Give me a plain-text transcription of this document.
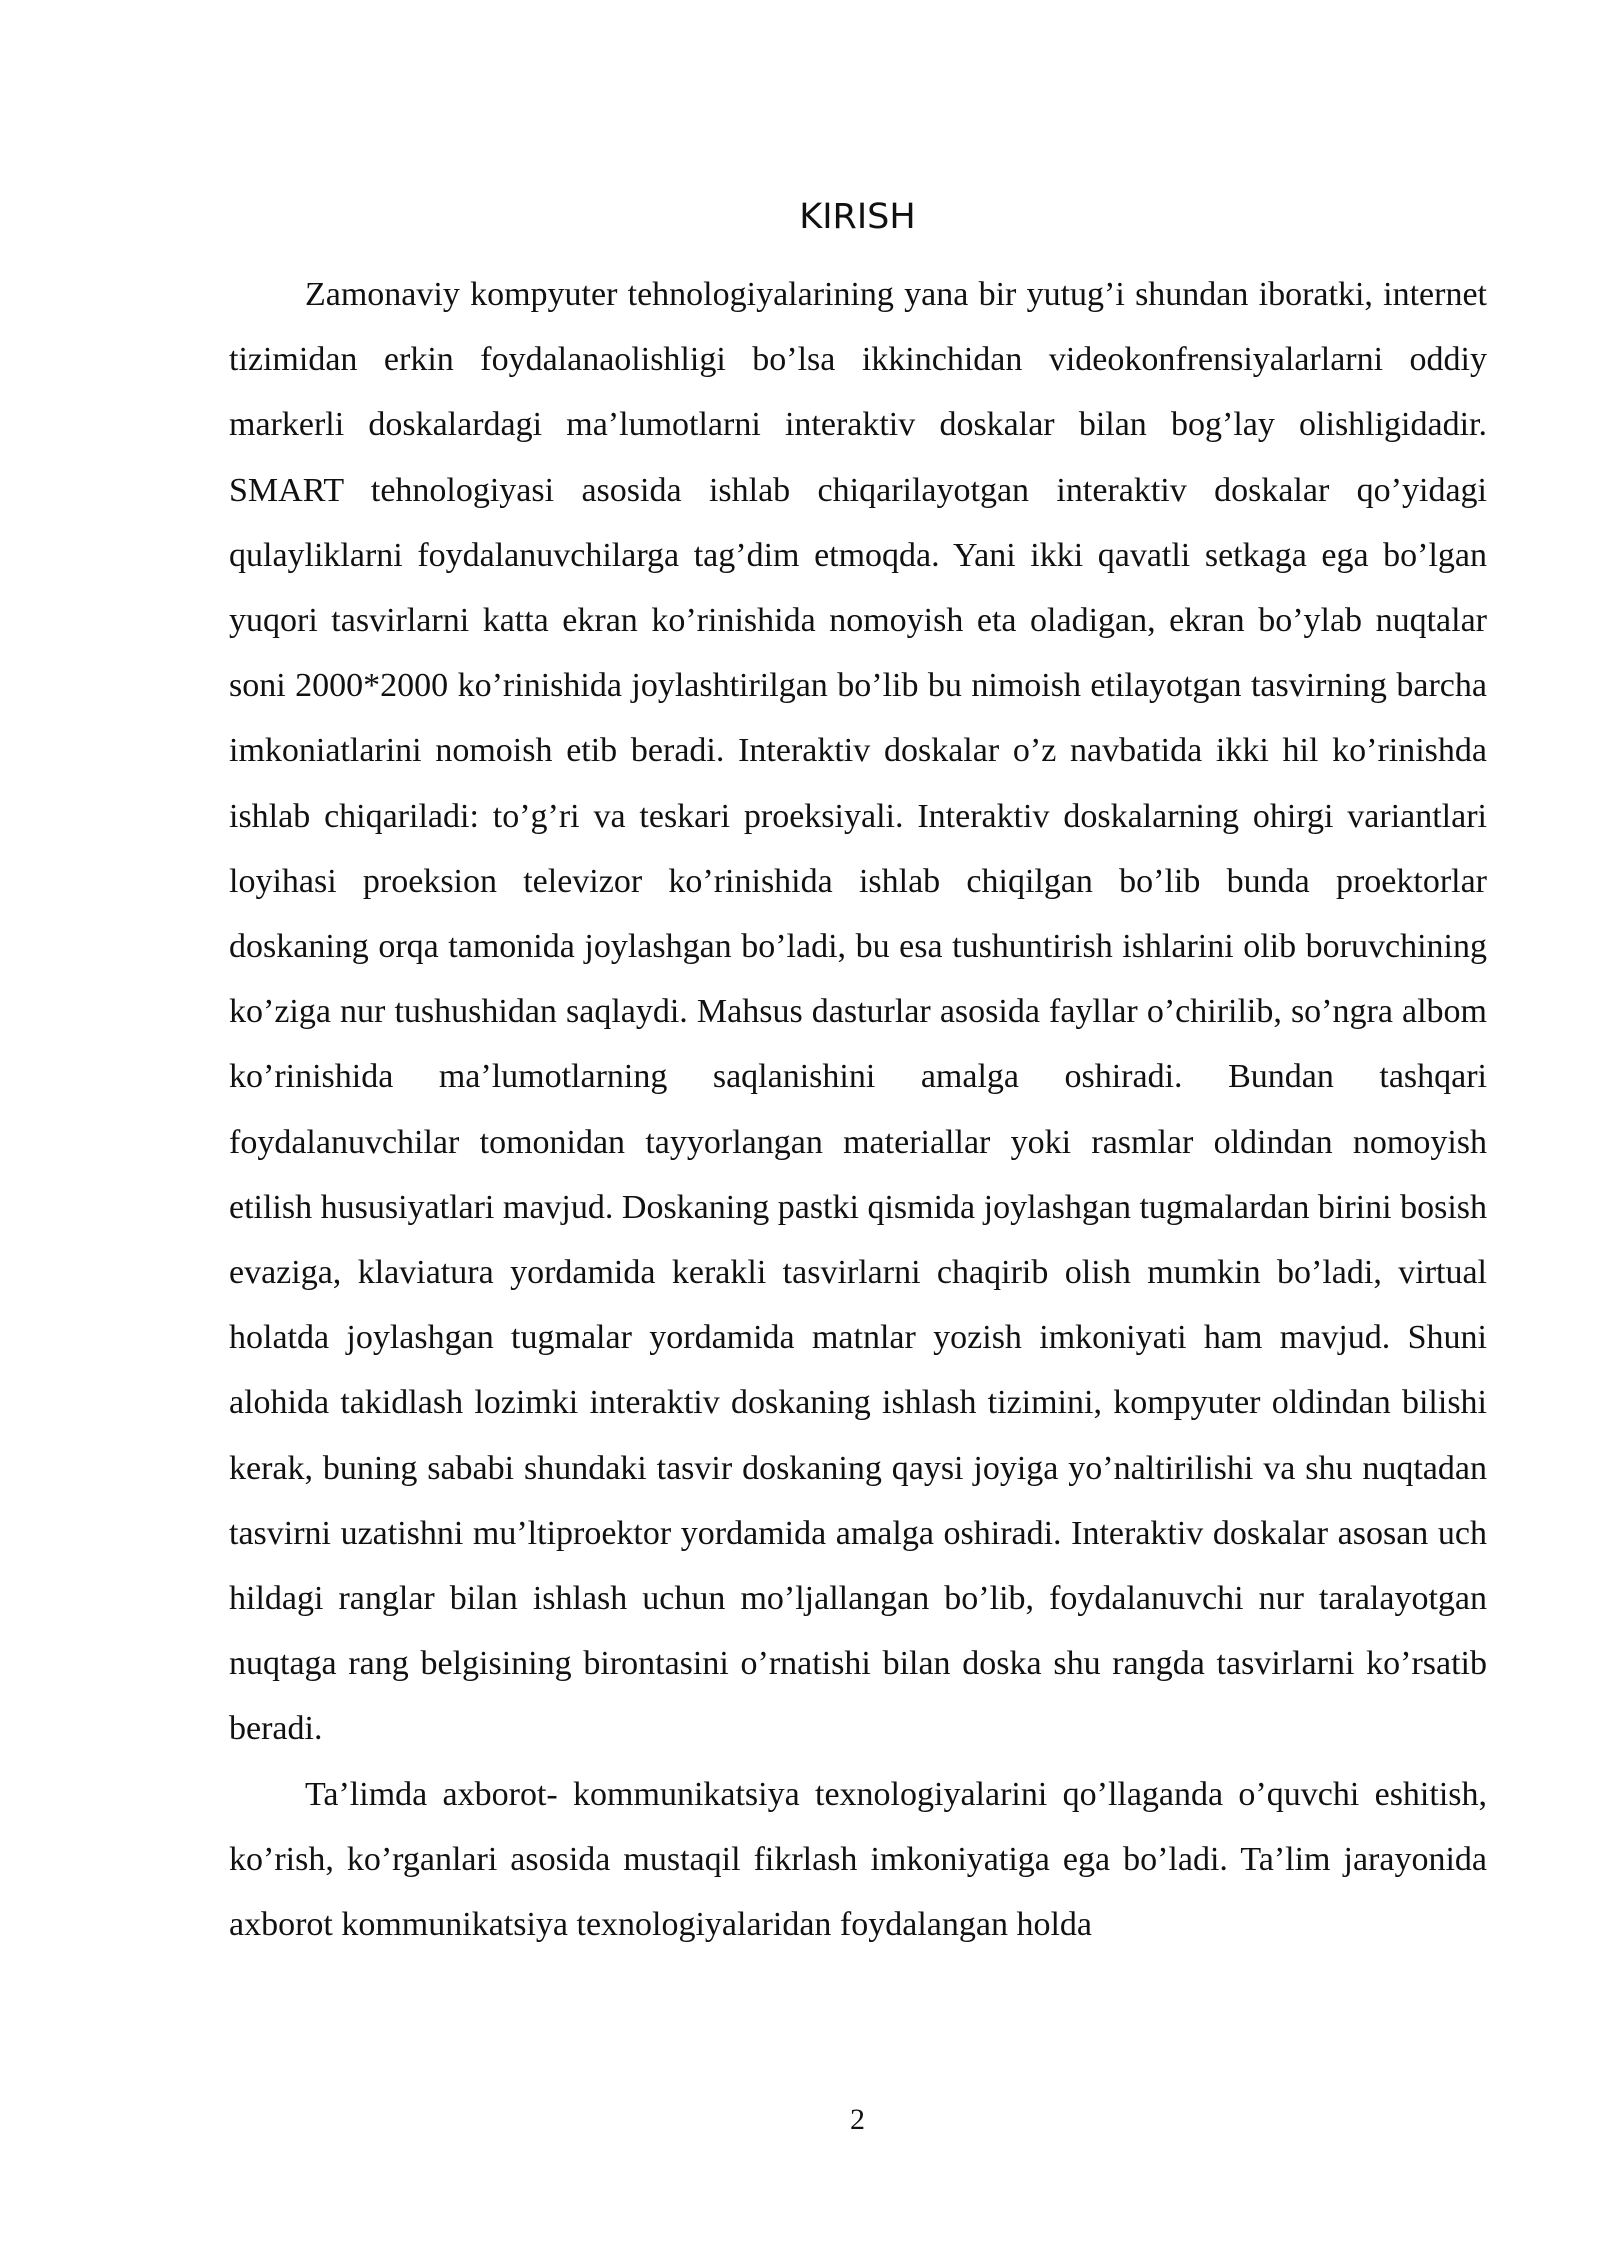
KIRISH

Zamonaviy kompyuter tehnologiyalarining yana bir yutug’i shundan iboratki, internet tizimidan erkin foydalanaolishligi bo’lsa ikkinchidan videokonfrensiyalarlarni oddiy markerli doskalardagi ma’lumotlarni interaktiv doskalar bilan bog’lay olishligidadir. SMART tehnologiyasi asosida ishlab chiqarilayotgan interaktiv doskalar qo’yidagi qulayliklarni foydalanuvchilarga tag’dim etmoqda. Yani ikki qavatli setkaga ega bo’lgan yuqori tasvirlarni katta ekran ko’rinishida nomoyish eta oladigan, ekran bo’ylab nuqtalar soni 2000*2000 ko’rinishida joylashtirilgan bo’lib bu nimoish etilayotgan tasvirning barcha imkoniatlarini nomoish etib beradi. Interaktiv doskalar o’z navbatida ikki hil ko’rinishda ishlab chiqariladi: to’g’ri va teskari proeksiyali. Interaktiv doskalarning ohirgi variantlari loyihasi proeksion televizor ko’rinishida ishlab chiqilgan bo’lib bunda proektorlar doskaning orqa tamonida joylashgan bo’ladi, bu esa tushuntirish ishlarini olib boruvchining ko’ziga nur tushushidan saqlaydi. Mahsus dasturlar asosida fayllar o’chirilib, so’ngra albom ko’rinishida ma’lumotlarning saqlanishini amalga oshiradi. Bundan tashqari foydalanuvchilar tomonidan tayyorlangan materiallar yoki rasmlar oldindan nomoyish etilish hususiyatlari mavjud. Doskaning pastki qismida joylashgan tugmalardan birini bosish evaziga, klaviatura yordamida kerakli tasvirlarni chaqirib olish mumkin bo’ladi, virtual holatda joylashgan tugmalar yordamida matnlar yozish imkoniyati ham mavjud. Shuni alohida takidlash lozimki interaktiv doskaning ishlash tizimini, kompyuter oldindan bilishi kerak, buning sababi shundaki tasvir doskaning qaysi joyiga yo’naltirilishi va shu nuqtadan tasvirni uzatishni mu’ltiproektor yordamida amalga oshiradi. Interaktiv doskalar asosan uch hildagi ranglar bilan ishlash uchun mo’ljallangan bo’lib, foydalanuvchi nur taralayotgan nuqtaga rang belgisining birontasini o’rnatishi bilan doska shu rangda tasvirlarni ko’rsatib beradi.

Ta’limda axborot- kommunikatsiya texnologiyalarini qo’llaganda o’quvchi eshitish, ko’rish, ko’rganlari asosida mustaqil fikrlash imkoniyatiga ega bo’ladi. Ta’lim jarayonida axborot kommunikatsiya texnologiyalaridan foydalangan holda

2
